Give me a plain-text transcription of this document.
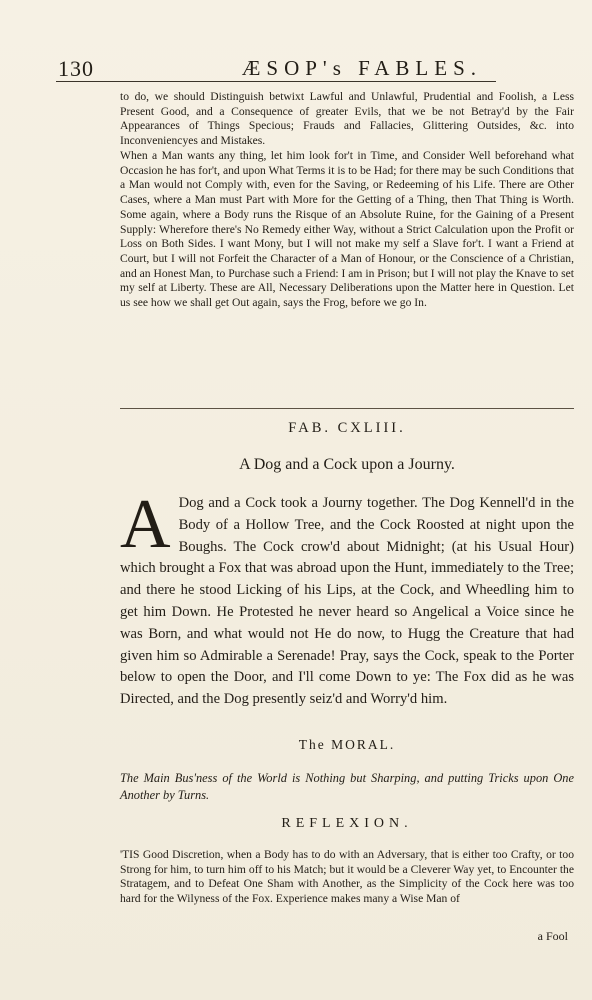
130	ÆSOP's FABLES.

to do, we should Distinguish betwixt Lawful and Unlawful, Prudential and Foolish, a Less Present Good, and a Consequence of greater Evils, that we be not Betray'd by the Fair Appearances of Things Specious; Frauds and Fallacies, Glittering Outsides, &c. into Inconveniencyes and Mistakes.

When a Man wants any thing, let him look for't in Time, and Consider Well beforehand what Occasion he has for't, and upon What Terms it is to be Had; for there may be such Conditions that a Man would not Comply with, even for the Saving, or Redeeming of his Life. There are Other Cases, where a Man must Part with More for the Getting of a Thing, then That Thing is Worth. Some again, where a Body runs the Risque of an Absolute Ruine, for the Gaining of a Present Supply: Wherefore there's No Remedy either Way, without a Strict Calculation upon the Profit or Loss on Both Sides. I want Mony, but I will not make my self a Slave for't. I want a Friend at Court, but I will not Forfeit the Character of a Man of Honour, or the Conscience of a Christian, and an Honest Man, to Purchase such a Friend: I am in Prison; but I will not play the Knave to set my self at Liberty. These are All, Necessary Deliberations upon the Matter here in Question. Let us see how we shall get Out again, says the Frog, before we go In.

FAB. CXLIII.
A Dog and a Cock upon a Journy.

A Dog and a Cock took a Journy together. The Dog Kennell'd in the Body of a Hollow Tree, and the Cock Roosted at night upon the Boughs. The Cock crow'd about Midnight; (at his Usual Hour) which brought a Fox that was abroad upon the Hunt, immediately to the Tree; and there he stood Licking of his Lips, at the Cock, and Wheedling him to get him Down. He Protested he never heard so Angelical a Voice since he was Born, and what would not He do now, to Hugg the Creature that had given him so Admirable a Serenade! Pray, says the Cock, speak to the Porter below to open the Door, and I'll come Down to ye: The Fox did as he was Directed, and the Dog presently seiz'd and Worry'd him.

The MORAL.

The Main Bus'ness of the World is Nothing but Sharping, and putting Tricks upon One Another by Turns.

REFLEXION.

'TIS Good Discretion, when a Body has to do with an Adversary, that is either too Crafty, or too Strong for him, to turn him off to his Match; but it would be a Cleverer Way yet, to Encounter the Stratagem, and to Defeat One Sham with Another, as the Simplicity of the Cock here was too hard for the Wilyness of the Fox. Experience makes many a Wise Man of

a Fool
